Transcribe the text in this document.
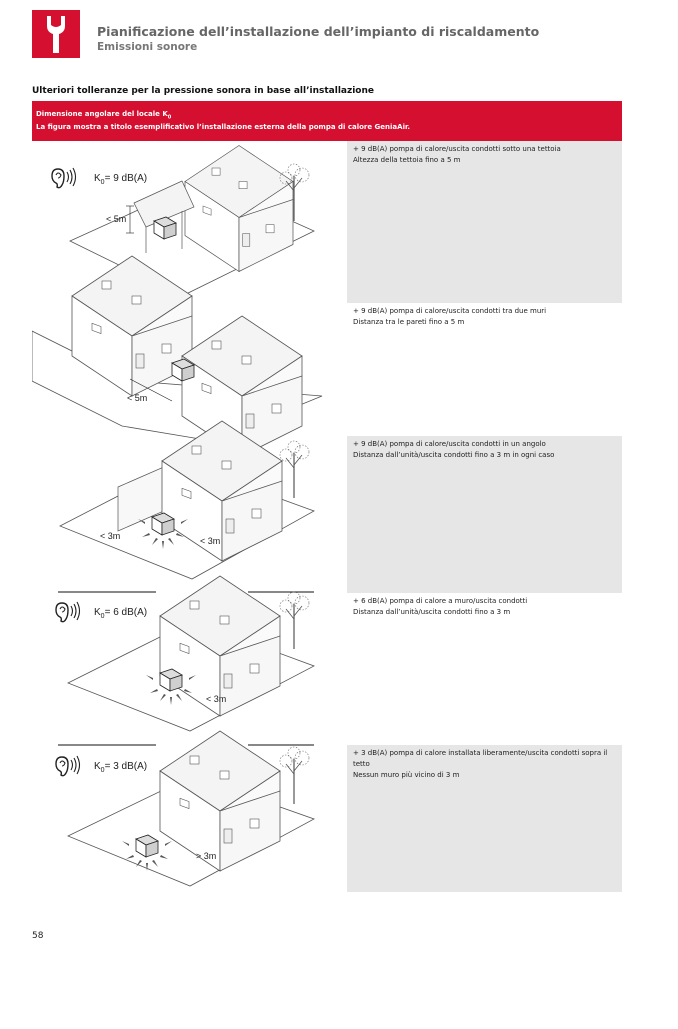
Pianificazione dell’installazione dell’impianto di riscaldamento
Emissioni sonore
Ulteriori tolleranze per la pressione sonora in base all’installazione
Dimensione angolare del locale $K_0$
La figura mostra a titolo esemplificativo l’installazione esterna della pompa di calore GeniaAir.
$K_0= 9$ dB(A)
< 5m
< 5m
< 3m	< 3m
$K_0= 6$ dB(A)
< 3m
$K_0= 3$ dB(A)
> 3m
+ 9 dB(A) pompa di calore/uscita condotti sotto una tettoia
Altezza della tettoia fino a 5 m
+ 9 dB(A) pompa di calore/uscita condotti tra due muri
Distanza tra le pareti fino a 5 m
+ 9 dB(A) pompa di calore/uscita condotti in un angolo
Distanza dall’unità/uscita condotti fino a 3 m in ogni caso
+ 6 dB(A) pompa di calore a muro/uscita condotti
Distanza dall’unità/uscita condotti fino a 3 m
+ 3 dB(A) pompa di calore installata liberamente/uscita condotti sopra il tetto
Nessun muro più vicino di 3 m
58
